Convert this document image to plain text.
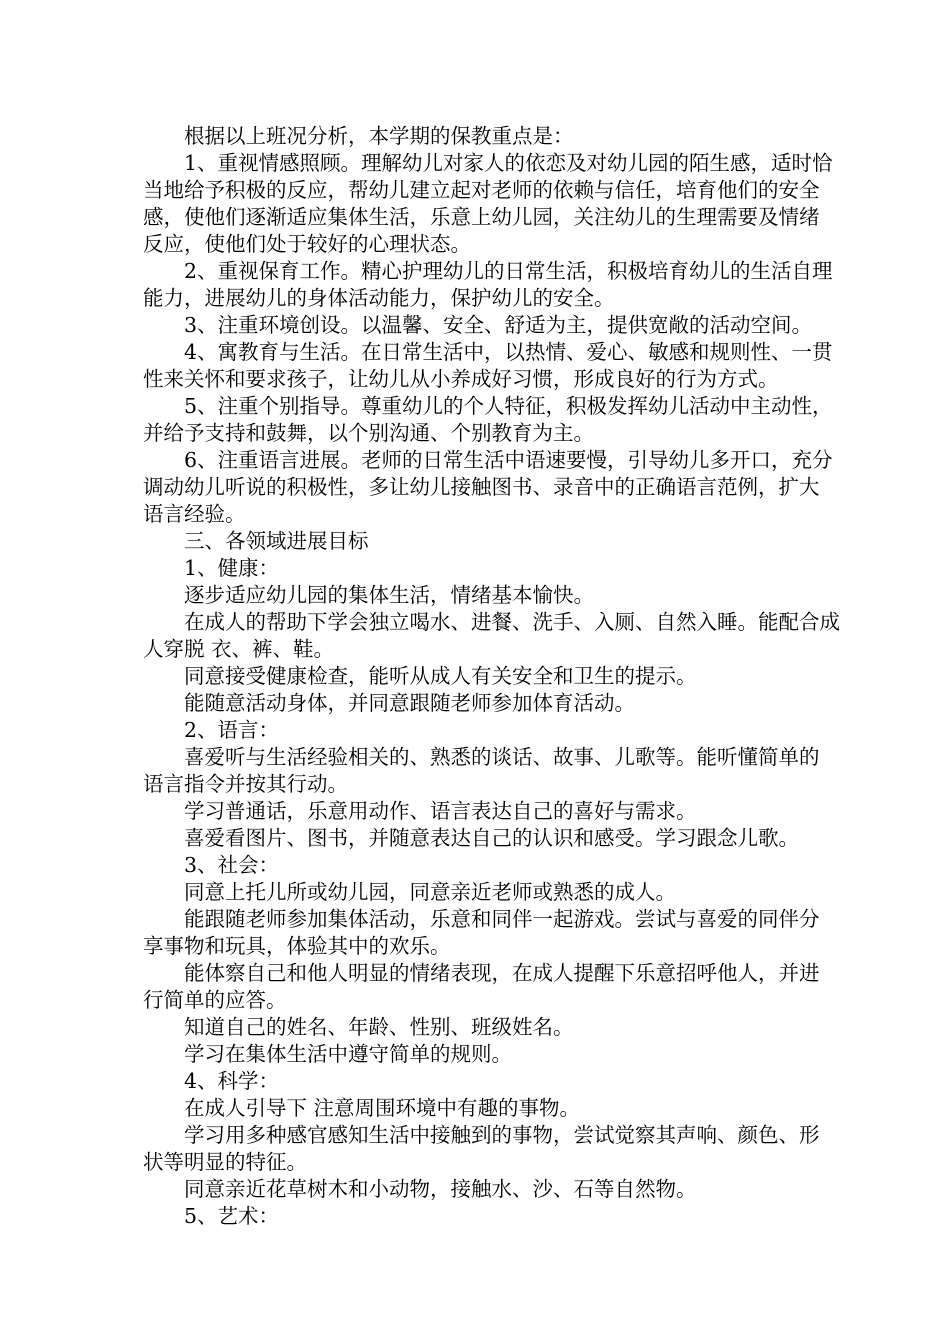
根据以上班况分析，本学期的保教重点是：

1、重视情感照顾。理解幼儿对家人的依恋及对幼儿园的陌生感，适时恰当地给予积极的反应，帮幼儿建立起对老师的依赖与信任，培育他们的安全感，使他们逐渐适应集体生活，乐意上幼儿园，关注幼儿的生理需要及情绪反应，使他们处于较好的心理状态。

2、重视保育工作。精心护理幼儿的日常生活，积极培育幼儿的生活自理能力，进展幼儿的身体活动能力，保护幼儿的安全。

3、注重环境创设。以温馨、安全、舒适为主，提供宽敞的活动空间。

4、寓教育与生活。在日常生活中，以热情、爱心、敏感和规则性、一贯性来关怀和要求孩子，让幼儿从小养成好习惯，形成良好的行为方式。

5、注重个别指导。尊重幼儿的个人特征，积极发挥幼儿活动中主动性，并给予支持和鼓舞，以个别沟通、个别教育为主。

6、注重语言进展。老师的日常生活中语速要慢，引导幼儿多开口，充分调动幼儿听说的积极性，多让幼儿接触图书、录音中的正确语言范例，扩大语言经验。

三、各领域进展目标

1、健康：

逐步适应幼儿园的集体生活，情绪基本愉快。

在成人的帮助下学会独立喝水、进餐、洗手、入厕、自然入睡。能配合成人穿脱 衣、裤、鞋。

同意接受健康检查，能听从成人有关安全和卫生的提示。

能随意活动身体，并同意跟随老师参加体育活动。

2、语言：

喜爱听与生活经验相关的、熟悉的谈话、故事、儿歌等。能听懂简单的语言指令并按其行动。

学习普通话，乐意用动作、语言表达自己的喜好与需求。

喜爱看图片、图书，并随意表达自己的认识和感受。学习跟念儿歌。

3、社会：

同意上托儿所或幼儿园，同意亲近老师或熟悉的成人。

能跟随老师参加集体活动，乐意和同伴一起游戏。尝试与喜爱的同伴分享事物和玩具，体验其中的欢乐。

能体察自己和他人明显的情绪表现，在成人提醒下乐意招呼他人，并进行简单的应答。

知道自己的姓名、年龄、性别、班级姓名。

学习在集体生活中遵守简单的规则。

4、科学：

在成人引导下 注意周围环境中有趣的事物。

学习用多种感官感知生活中接触到的事物，尝试觉察其声响、颜色、形状等明显的特征。

同意亲近花草树木和小动物，接触水、沙、石等自然物。

5、艺术：
